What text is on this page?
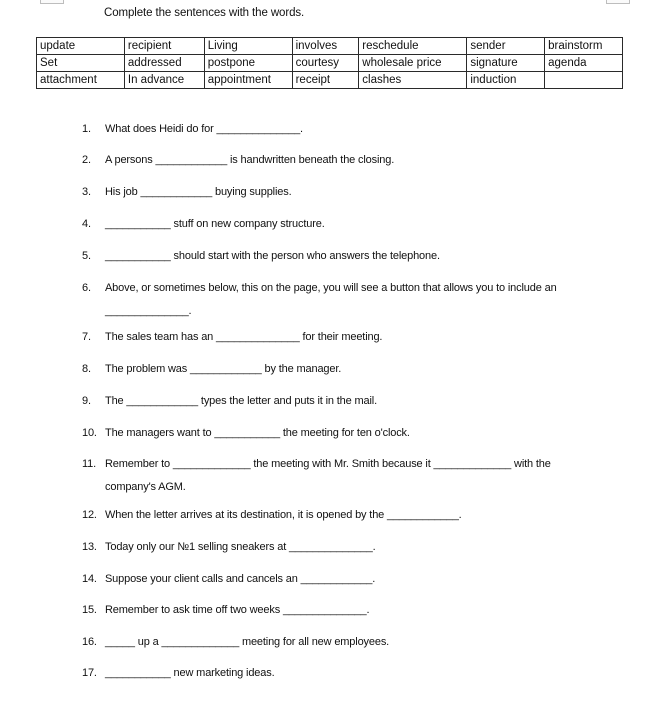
Complete the sentences with the words.
update	recipient	Living	involves	reschedule	sender	brainstorm
Set	addressed	postpone	courtesy	wholesale price	signature	agenda
attachment	In advance	appointment	receipt	clashes	induction	
1. What does Heidi do for ______________.
2. A persons ____________ is handwritten beneath the closing.
3. His job ____________ buying supplies.
4. ___________ stuff on new company structure.
5. ___________ should start with the person who answers the telephone.
6. Above, or sometimes below, this on the page, you will see a button that allows you to include an
______________.
7. The sales team has an ______________ for their meeting.
8. The problem was ____________ by the manager.
9. The ____________ types the letter and puts it in the mail.
10. The managers want to ___________ the meeting for ten o'clock.
11. Remember to _____________ the meeting with Mr. Smith because it _____________ with the
company's AGM.
12. When the letter arrives at its destination, it is opened by the ____________.
13. Today only our №1 selling sneakers at ______________.
14. Suppose your client calls and cancels an ____________.
15. Remember to ask time off two weeks ______________.
16. _____ up a _____________ meeting for all new employees.
17. ___________ new marketing ideas.
